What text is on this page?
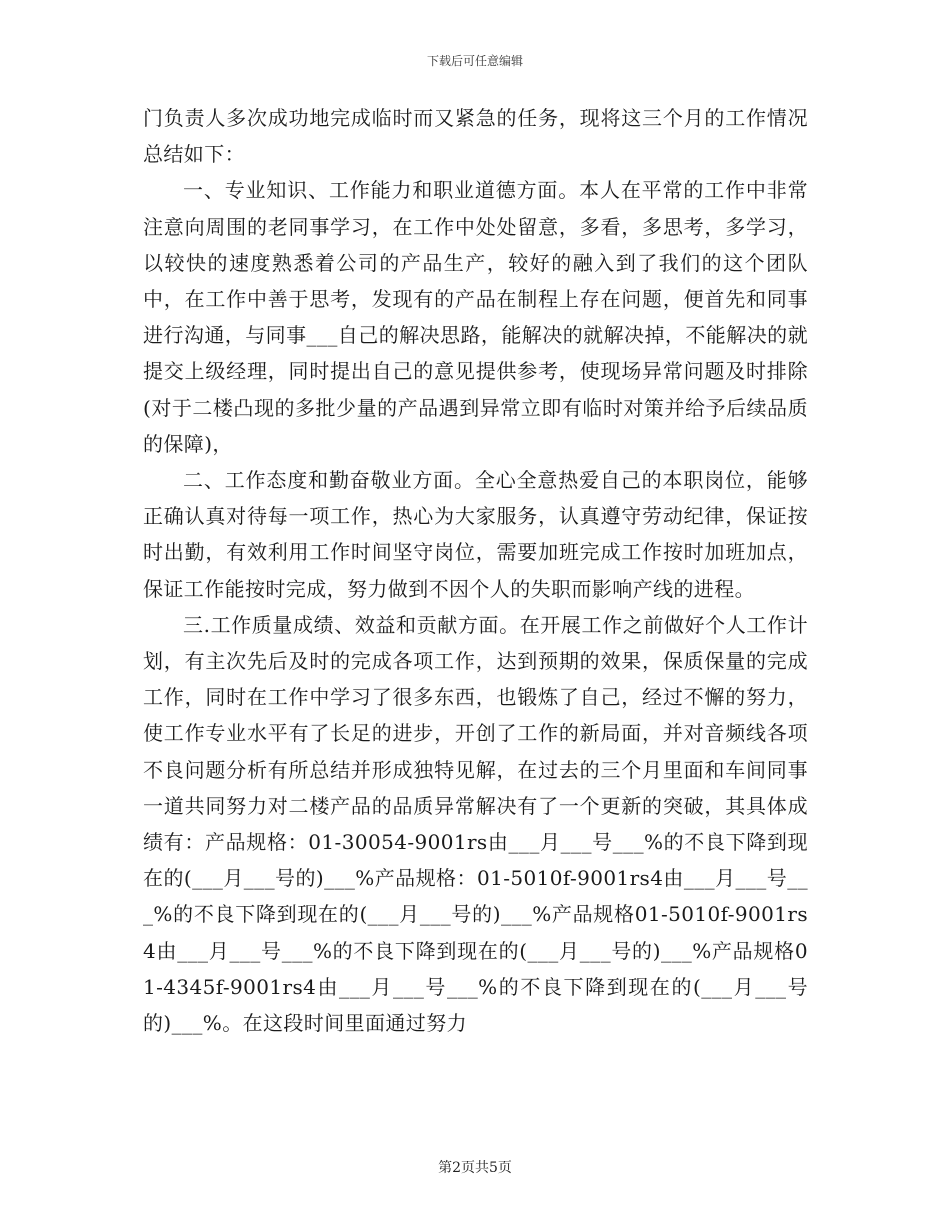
下载后可任意编辑

门负责人多次成功地完成临时而又紧急的任务，现将这三个月的工作情况总结如下：

一、专业知识、工作能力和职业道德方面。本人在平常的工作中非常注意向周围的老同事学习，在工作中处处留意，多看，多思考，多学习，以较快的速度熟悉着公司的产品生产，较好的融入到了我们的这个团队中，在工作中善于思考，发现有的产品在制程上存在问题，便首先和同事进行沟通，与同事___自己的解决思路，能解决的就解决掉，不能解决的就提交上级经理，同时提出自己的意见提供参考，使现场异常问题及时排除(对于二楼凸现的多批少量的产品遇到异常立即有临时对策并给予后续品质的保障)，

二、工作态度和勤奋敬业方面。全心全意热爱自己的本职岗位，能够正确认真对待每一项工作，热心为大家服务，认真遵守劳动纪律，保证按时出勤，有效利用工作时间坚守岗位，需要加班完成工作按时加班加点，保证工作能按时完成，努力做到不因个人的失职而影响产线的进程。

三.工作质量成绩、效益和贡献方面。在开展工作之前做好个人工作计划，有主次先后及时的完成各项工作，达到预期的效果，保质保量的完成工作，同时在工作中学习了很多东西，也锻炼了自己，经过不懈的努力，使工作专业水平有了长足的进步，开创了工作的新局面，并对音频线各项不良问题分析有所总结并形成独特见解，在过去的三个月里面和车间同事一道共同努力对二楼产品的品质异常解决有了一个更新的突破，其具体成绩有：产品规格：01-30054-9001rs由___月___号___%的不良下降到现在的(___月___号的)___%产品规格：01-5010f-9001rs4由___月___号___%的不良下降到现在的(___月___号的)___%产品规格01-5010f-9001rs4由___月___号___%的不良下降到现在的(___月___号的)___%产品规格01-4345f-9001rs4由___月___号___%的不良下降到现在的(___月___号的)___%。在这段时间里面通过努力

第2页共5页
